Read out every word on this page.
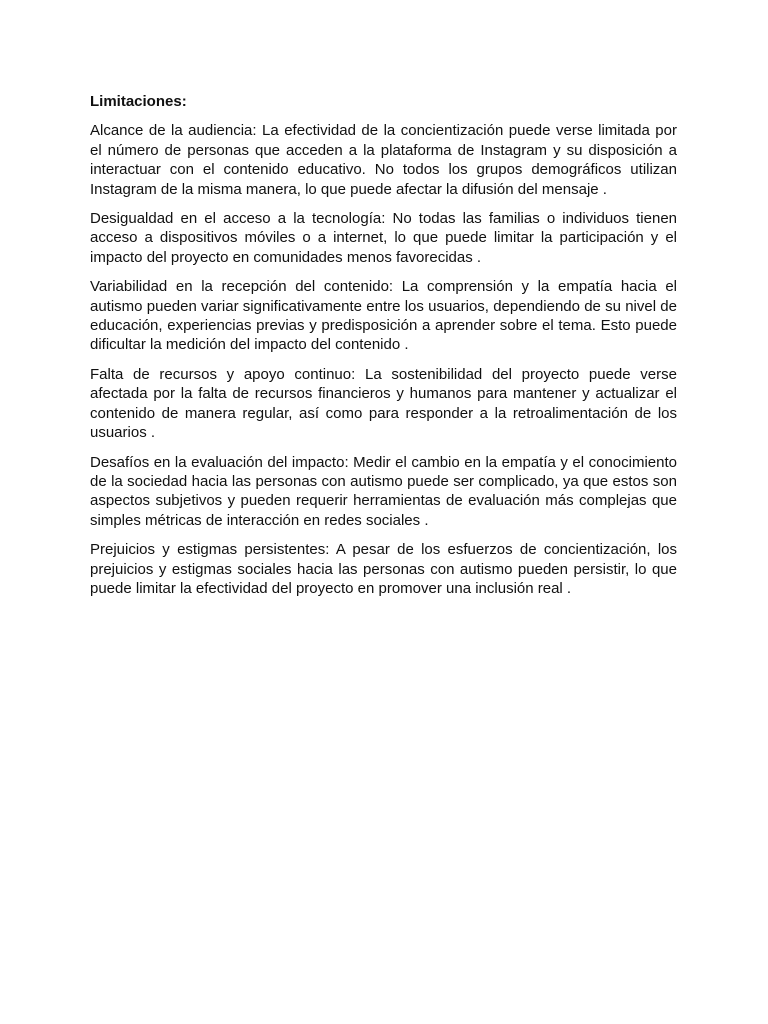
Limitaciones:

Alcance de la audiencia: La efectividad de la concientización puede verse limitada por el número de personas que acceden a la plataforma de Instagram y su disposición a interactuar con el contenido educativo. No todos los grupos demográficos utilizan Instagram de la misma manera, lo que puede afectar la difusión del mensaje .

Desigualdad en el acceso a la tecnología: No todas las familias o individuos tienen acceso a dispositivos móviles o a internet, lo que puede limitar la participación y el impacto del proyecto en comunidades menos favorecidas .

Variabilidad en la recepción del contenido: La comprensión y la empatía hacia el autismo pueden variar significativamente entre los usuarios, dependiendo de su nivel de educación, experiencias previas y predisposición a aprender sobre el tema. Esto puede dificultar la medición del impacto del contenido .

Falta de recursos y apoyo continuo: La sostenibilidad del proyecto puede verse afectada por la falta de recursos financieros y humanos para mantener y actualizar el contenido de manera regular, así como para responder a la retroalimentación de los usuarios .

Desafíos en la evaluación del impacto: Medir el cambio en la empatía y el conocimiento de la sociedad hacia las personas con autismo puede ser complicado, ya que estos son aspectos subjetivos y pueden requerir herramientas de evaluación más complejas que simples métricas de interacción en redes sociales .

Prejuicios y estigmas persistentes: A pesar de los esfuerzos de concientización, los prejuicios y estigmas sociales hacia las personas con autismo pueden persistir, lo que puede limitar la efectividad del proyecto en promover una inclusión real .
